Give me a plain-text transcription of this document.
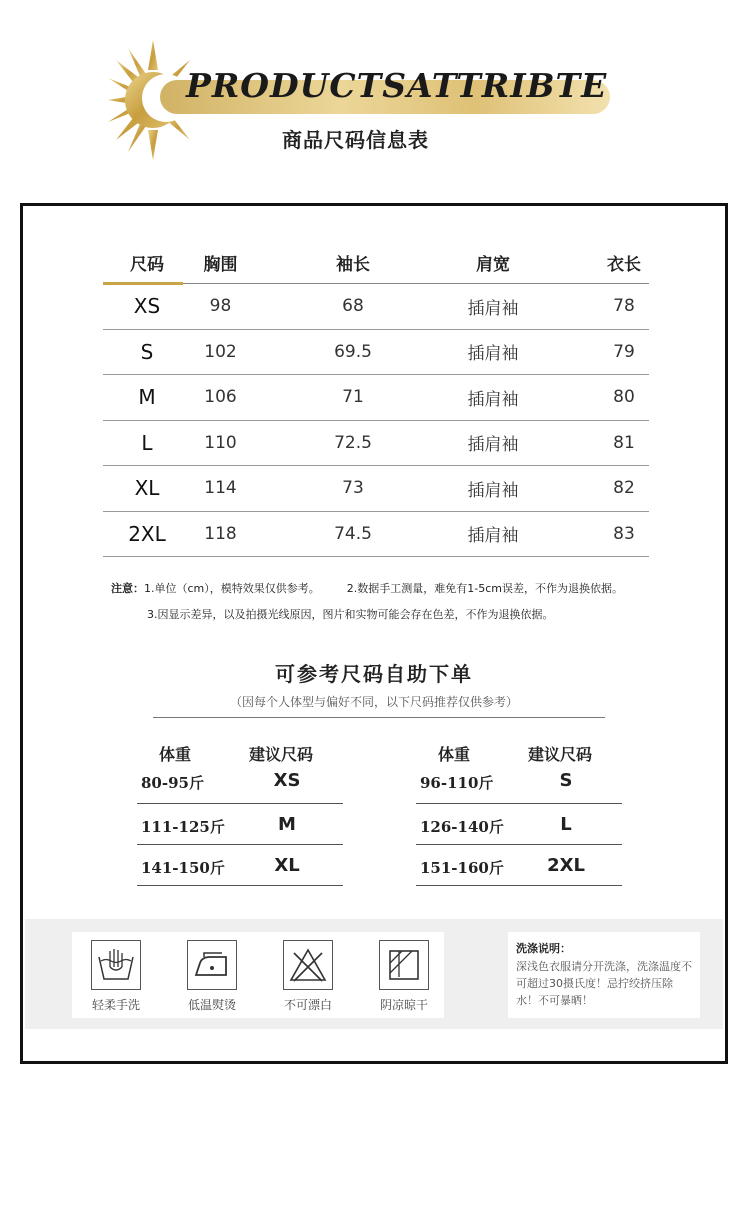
PRODUCTSATTRIBTE
商品尺码信息表
尺码	胸围	袖长	肩宽	衣长
XS	98	68	插肩袖	78
S	102	69.5	插肩袖	79
M	106	71	插肩袖	80
L	110	72.5	插肩袖	81
XL	114	73	插肩袖	82
2XL	118	74.5	插肩袖	83
注意：1.单位（cm），模特效果仅供参考。 2.数据手工测量，难免有1-5cm误差，不作为退换依据。
3.因显示差异，以及拍摄光线原因，图片和实物可能会存在色差，不作为退换依据。
可参考尺码自助下单
（因每个人体型与偏好不同，以下尺码推荐仅供参考）
体重	建议尺码
80-95斤	XS
111-125斤	M
141-150斤	XL
体重	建议尺码
96-110斤	S
126-140斤	L
151-160斤	2XL
轻柔手洗	低温熨烫	不可漂白	阴凉晾干
洗涤说明：
深浅色衣服请分开洗涤，洗涤温度不可超过30摄氏度！忌拧绞挤压除水！不可暴晒！
